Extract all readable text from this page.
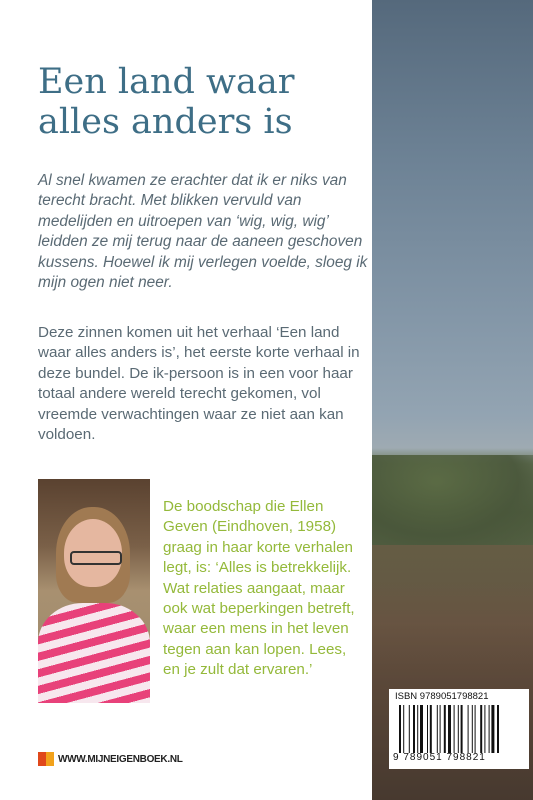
Een land waar alles anders is

Al snel kwamen ze erachter dat ik er niks van terecht bracht. Met blikken vervuld van medelijden en uitroepen van ‘wig, wig, wig’ leidden ze mij terug naar de aaneen geschoven kussens. Hoewel ik mij verlegen voelde, sloeg ik mijn ogen niet neer.

Deze zinnen komen uit het verhaal ‘Een land waar alles anders is’, het eerste korte verhaal in deze bundel. De ik-persoon is in een voor haar totaal andere wereld terecht gekomen, vol vreemde verwachtingen waar ze niet aan kan voldoen.

De boodschap die Ellen Geven (Eindhoven, 1958) graag in haar korte verhalen legt, is: ‘Alles is betrekkelijk. Wat relaties aangaat, maar ook wat beperkingen betreft, waar een mens in het leven tegen aan kan lopen. Lees, en je zult dat ervaren.’

WWW.MIJNEIGENBOEK.NL
ISBN 9789051798821
9 789051 798821
